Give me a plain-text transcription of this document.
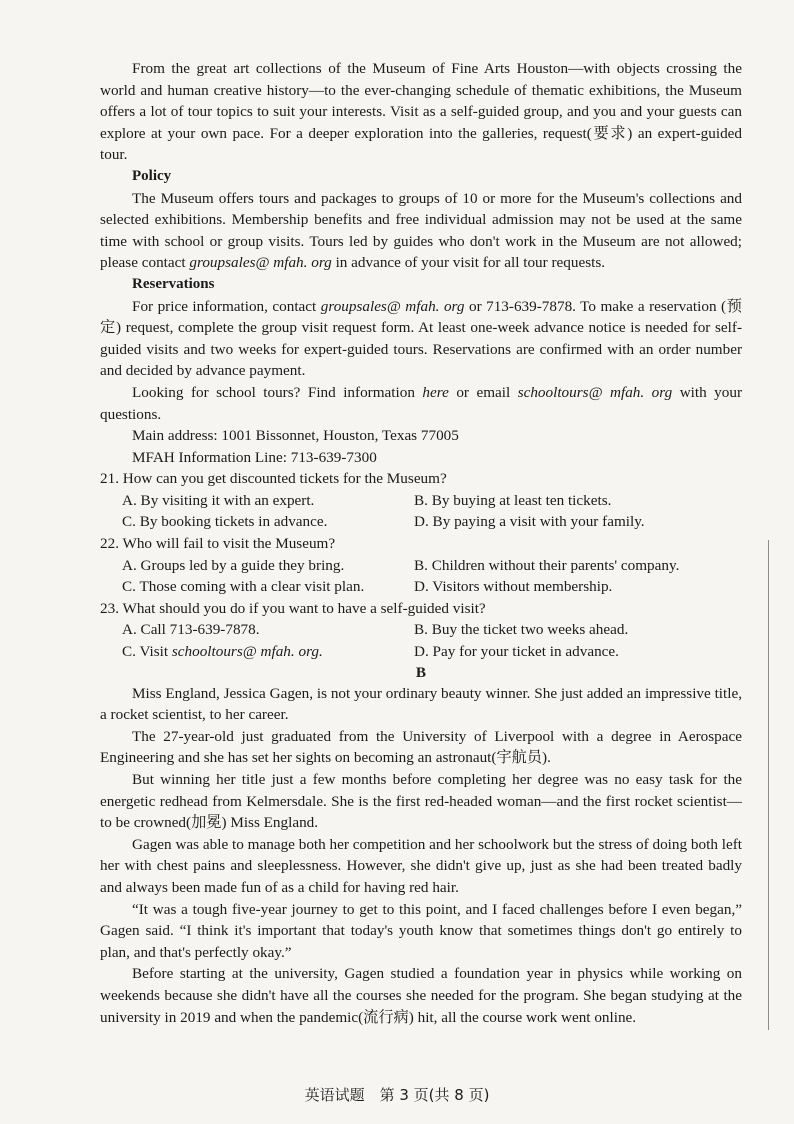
From the great art collections of the Museum of Fine Arts Houston—with objects crossing the world and human creative history—to the ever-changing schedule of thematic exhibitions, the Museum offers a lot of tour topics to suit your interests. Visit as a self-guided group, and you and your guests can explore at your own pace. For a deeper exploration into the galleries, request(要求) an expert-guided tour.

Policy

The Museum offers tours and packages to groups of 10 or more for the Museum's collections and selected exhibitions. Membership benefits and free individual admission may not be used at the same time with school or group visits. Tours led by guides who don't work in the Museum are not allowed; please contact groupsales@ mfah. org in advance of your visit for all tour requests.

Reservations

For price information, contact groupsales@ mfah. org or 713-639-7878. To make a reservation (预定) request, complete the group visit request form. At least one-week advance notice is needed for self-guided visits and two weeks for expert-guided tours. Reservations are confirmed with an order number and decided by advance payment.

Looking for school tours? Find information here or email schooltours@ mfah. org with your questions.

Main address: 1001 Bissonnet, Houston, Texas 77005

MFAH Information Line: 713-639-7300

21. How can you get discounted tickets for the Museum?

A. By visiting it with an expert.	B. By buying at least ten tickets.
C. By booking tickets in advance.	D. By paying a visit with your family.

22. Who will fail to visit the Museum?

A. Groups led by a guide they bring.	B. Children without their parents' company.
C. Those coming with a clear visit plan.	D. Visitors without membership.

23. What should you do if you want to have a self-guided visit?

A. Call 713-639-7878.	B. Buy the ticket two weeks ahead.
C. Visit schooltours@ mfah. org.	D. Pay for your ticket in advance.

B

Miss England, Jessica Gagen, is not your ordinary beauty winner. She just added an impressive title, a rocket scientist, to her career.

The 27-year-old just graduated from the University of Liverpool with a degree in Aerospace Engineering and she has set her sights on becoming an astronaut(宇航员).

But winning her title just a few months before completing her degree was no easy task for the energetic redhead from Kelmersdale. She is the first red-headed woman—and the first rocket scientist—to be crowned(加冕) Miss England.

Gagen was able to manage both her competition and her schoolwork but the stress of doing both left her with chest pains and sleeplessness. However, she didn't give up, just as she had been treated badly and always been made fun of as a child for having red hair.

“It was a tough five-year journey to get to this point, and I faced challenges before I even began,” Gagen said. “I think it's important that today's youth know that sometimes things don't go entirely to plan, and that's perfectly okay.”

Before starting at the university, Gagen studied a foundation year in physics while working on weekends because she didn't have all the courses she needed for the program. She began studying at the university in 2019 and when the pandemic(流行病) hit, all the course work went online.

英语试题　第 3 页(共 8 页)
